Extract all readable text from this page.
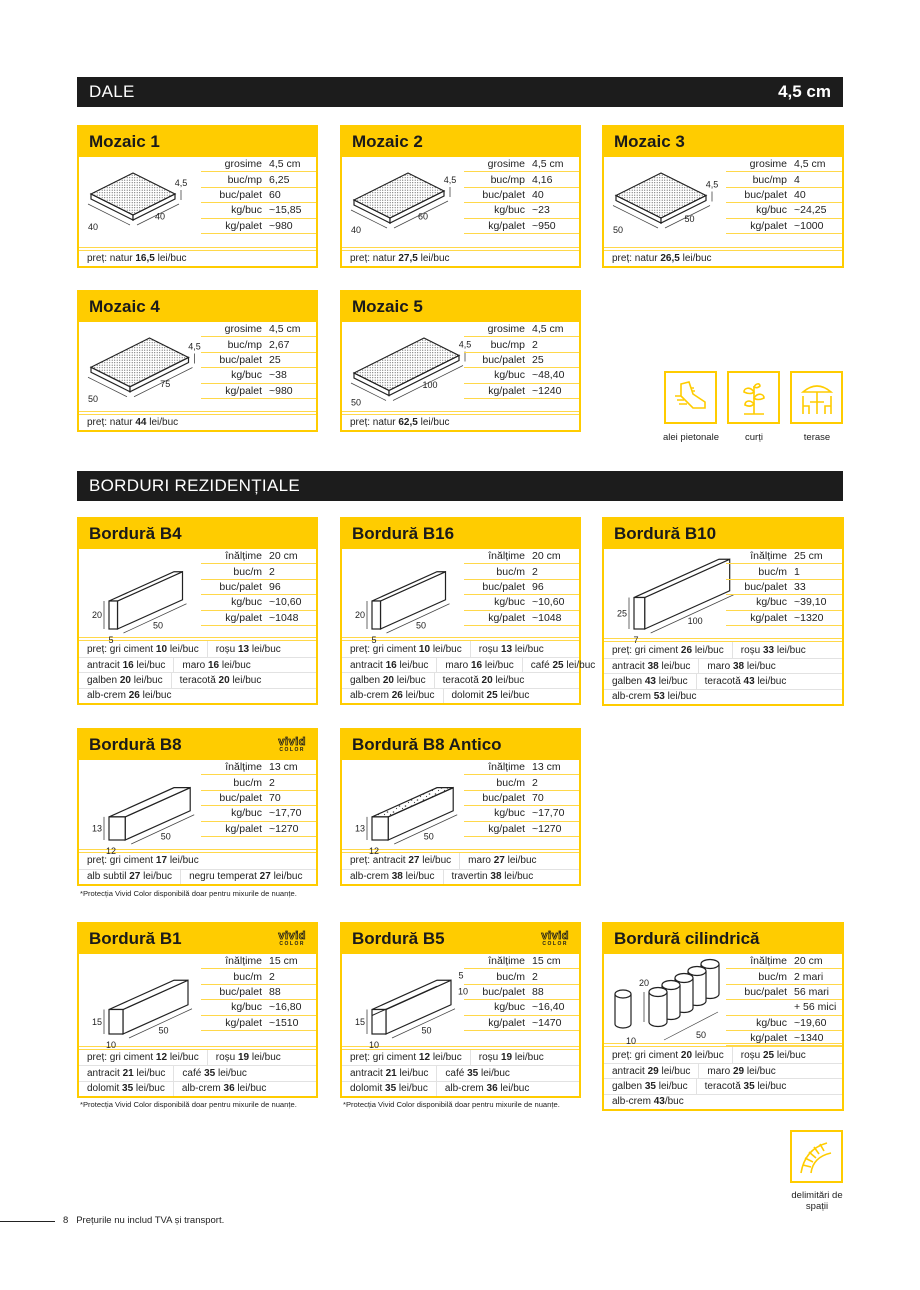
DALE	4,5 cm
BORDURI REZIDENȚIALE
Mozaic 1
40
40
4,5
grosime 4,5 cm
buc/mp 6,25
buc/palet 60
kg/buc ~15,85
kg/palet ~980
preț: natur 16,5 lei/buc
Mozaic 2
40
60
4,5
grosime 4,5 cm
buc/mp 4,16
buc/palet 40
kg/buc ~23
kg/palet ~950
preț: natur 27,5 lei/buc
Mozaic 3
50
50
4,5
grosime 4,5 cm
buc/mp 4
buc/palet 40
kg/buc ~24,25
kg/palet ~1000
preț: natur 26,5 lei/buc
Mozaic 4
50
75
4,5
grosime 4,5 cm
buc/mp 2,67
buc/palet 25
kg/buc ~38
kg/palet ~980
preț: natur 44 lei/buc
Mozaic 5
50
100
4,5
grosime 4,5 cm
buc/mp 2
buc/palet 25
kg/buc ~48,40
kg/palet ~1240
preț: natur 62,5 lei/buc
Bordură B4
20
5
50
înălțime 20 cm
buc/m 2
buc/palet 96
kg/buc ~10,60
kg/palet ~1048
preț: gri ciment 10 lei/buc roșu 13 lei/buc
antracit 16 lei/buc maro 16 lei/buc
galben 20 lei/buc teracotă 20 lei/buc
alb-crem 26 lei/buc
Bordură B16
20
5
50
înălțime 20 cm
buc/m 2
buc/palet 96
kg/buc ~10,60
kg/palet ~1048
preț: gri ciment 10 lei/buc roșu 13 lei/buc
antracit 16 lei/buc maro 16 lei/buc café 25 lei/buc
galben 20 lei/buc teracotă 20 lei/buc
alb-crem 26 lei/buc dolomit 25 lei/buc
Bordură B10
25
7
100
înălțime 25 cm
buc/m 1
buc/palet 33
kg/buc ~39,10
kg/palet ~1320
preț: gri ciment 26 lei/buc roșu 33 lei/buc
antracit 38 lei/buc maro 38 lei/buc
galben 43 lei/buc teracotă 43 lei/buc
alb-crem 53 lei/buc
Bordură B8	vivid
COLOR
13
12
50
înălțime 13 cm
buc/m 2
buc/palet 70
kg/buc ~17,70
kg/palet ~1270
preț: gri ciment 17 lei/buc
alb subtil 27 lei/buc negru temperat 27 lei/buc
*Protecția Vivid Color disponibilă doar pentru mixurile de nuanțe.
Bordură B8 Antico
13
12
50
înălțime 13 cm
buc/m 2
buc/palet 70
kg/buc ~17,70
kg/palet ~1270
preț: antracit 27 lei/buc maro 27 lei/buc
alb-crem 38 lei/buc travertin 38 lei/buc
Bordură B1	vivid
COLOR
15
10
50
înălțime 15 cm
buc/m 2
buc/palet 88
kg/buc ~16,80
kg/palet ~1510
preț: gri ciment 12 lei/buc roșu 19 lei/buc
antracit 21 lei/buc café 35 lei/buc
dolomit 35 lei/buc alb-crem 36 lei/buc
*Protecția Vivid Color disponibilă doar pentru mixurile de nuanțe.
Bordură B5	vivid
COLOR
15
10
50
5
10
înălțime 15 cm
buc/m 2
buc/palet 88
kg/buc ~16,40
kg/palet ~1470
preț: gri ciment 12 lei/buc roșu 19 lei/buc
antracit 21 lei/buc café 35 lei/buc
dolomit 35 lei/buc alb-crem 36 lei/buc
*Protecția Vivid Color disponibilă doar pentru mixurile de nuanțe.
Bordură cilindrică
20
10
50
înălțime 20 cm
buc/m 2 mari
buc/palet 56 mari
+ 56 mici
kg/buc ~19,60
kg/palet ~1340
preț: gri ciment 20 lei/buc roșu 25 lei/buc
antracit 29 lei/buc maro 29 lei/buc
galben 35 lei/buc teracotă 35 lei/buc
alb-crem 43 /buc
alei pietonale	curți	terase
delimitări de spații
8 Prețurile nu includ TVA și transport.
